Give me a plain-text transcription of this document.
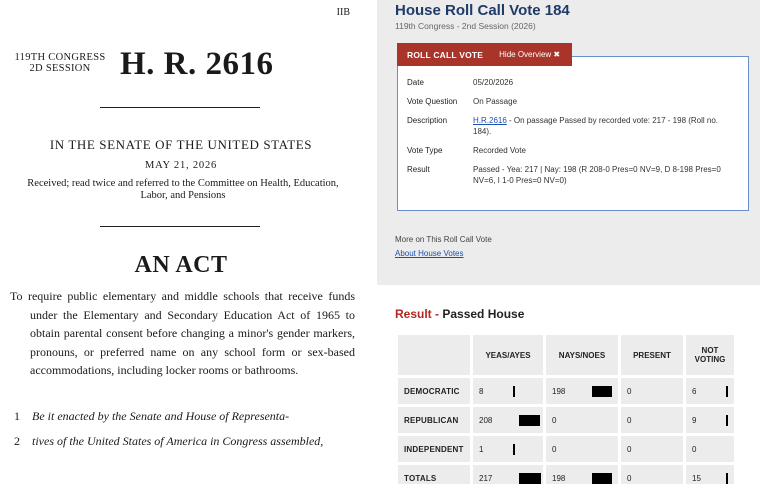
IIB
119TH CONGRESS
2D SESSION H. R. 2616
IN THE SENATE OF THE UNITED STATES
MAY 21, 2026
Received; read twice and referred to the Committee on Health, Education, Labor, and Pensions
AN ACT
To require public elementary and middle schools that receive funds under the Elementary and Secondary Education Act of 1965 to obtain parental consent before changing a minor's gender markers, pronouns, or preferred name on any school form or sex-based accommodations, including locker rooms or bathrooms.
1 Be it enacted by the Senate and House of Representa-
2 tives of the United States of America in Congress assembled,
House Roll Call Vote 184
119th Congress - 2nd Session (2026)
Date	05/20/2026
Vote Question	On Passage
Description	H.R.2616 - On passage Passed by recorded vote: 217 - 198 (Roll no. 184).
Vote Type	Recorded Vote
Result	Passed - Yea: 217 | Nay: 198 (R 208-0 Pres=0 NV=9, D 8-198 Pres=0 NV=6, I 1-0 Pres=0 NV=0)
ROLL CALL VOTE	Hide Overview ✖
More on This Roll Call Vote
About House Votes
Result - Passed House
	YEAS/AYES	NAYS/NOES	PRESENT	NOT VOTING
DEMOCRATIC	8	198	0	6

REPUBLICAN	208	0	0	9

INDEPENDENT	1	0	0	0
TOTALS	217	198	0	15
